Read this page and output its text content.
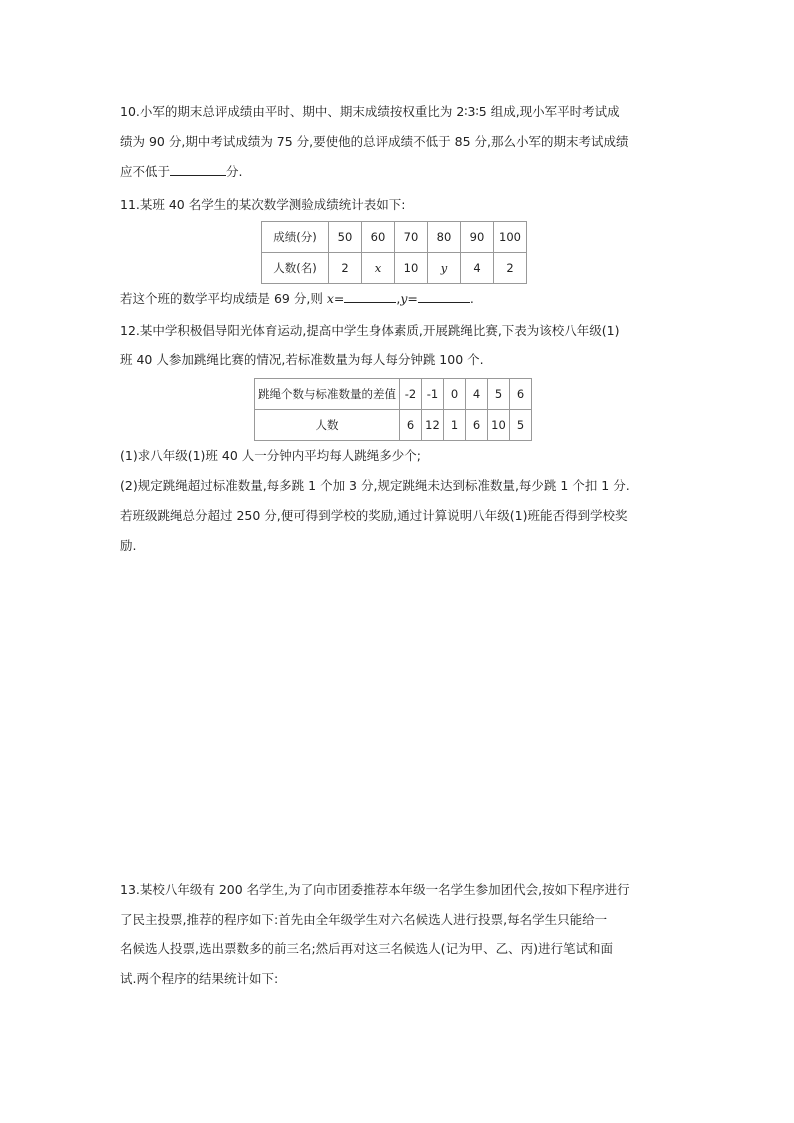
10.小军的期末总评成绩由平时、期中、期末成绩按权重比为 2∶3∶5 组成,现小军平时考试成
绩为 90 分,期中考试成绩为 75 分,要使他的总评成绩不低于 85 分,那么小军的期末考试成绩
应不低于	分.
11.某班 40 名学生的某次数学测验成绩统计表如下:
成绩(分)	50	60	70	80	90	100
人数(名)	2	x	10	y	4	2
若这个班的数学平均成绩是 69 分,则 x=	,y=	.
12.某中学积极倡导阳光体育运动,提高中学生身体素质,开展跳绳比赛,下表为该校八年级(1)
班 40 人参加跳绳比赛的情况,若标准数量为每人每分钟跳 100 个.
跳绳个数与标准数量的差值	-2	-1	0	4	5	6
人数	6	12	1	6	10	5
(1)求八年级(1)班 40 人一分钟内平均每人跳绳多少个;
(2)规定跳绳超过标准数量,每多跳 1 个加 3 分,规定跳绳未达到标准数量,每少跳 1 个扣 1 分.
若班级跳绳总分超过 250 分,便可得到学校的奖励,通过计算说明八年级(1)班能否得到学校奖
励.
13.某校八年级有 200 名学生,为了向市团委推荐本年级一名学生参加团代会,按如下程序进行
了民主投票,推荐的程序如下:首先由全年级学生对六名候选人进行投票,每名学生只能给一
名候选人投票,选出票数多的前三名;然后再对这三名候选人(记为甲、乙、丙)进行笔试和面
试.两个程序的结果统计如下:
